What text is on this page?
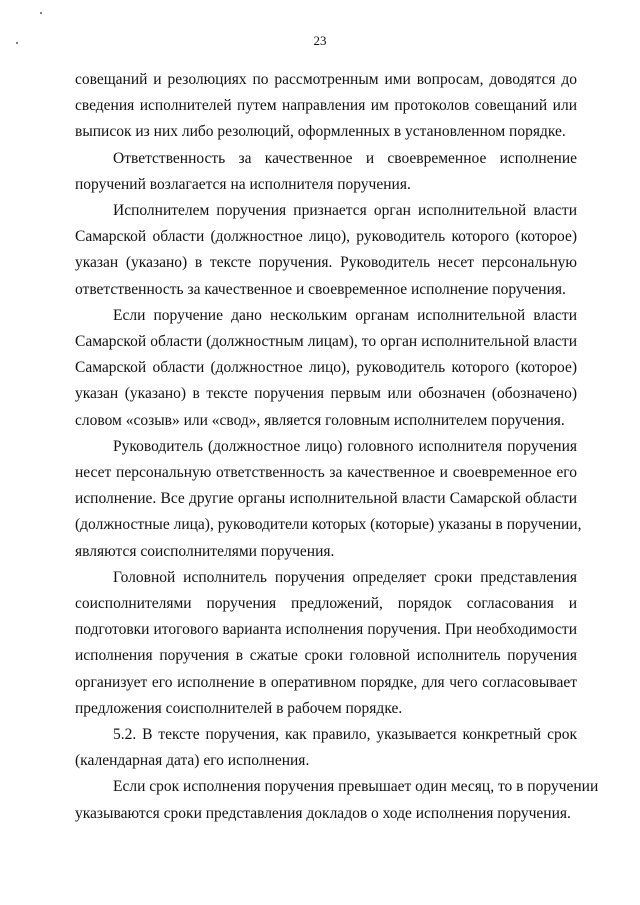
23

совещаний и резолюциях по рассмотренным ими вопросам, доводятся до
сведения исполнителей путем направления им протоколов совещаний или
выписок из них либо резолюций, оформленных в установленном порядке.

Ответственность за качественное и своевременное исполнение
поручений возлагается на исполнителя поручения.

Исполнителем поручения признается орган исполнительной власти
Самарской области (должностное лицо), руководитель которого (которое)
указан (указано) в тексте поручения. Руководитель несет персональную
ответственность за качественное и своевременное исполнение поручения.

Если поручение дано нескольким органам исполнительной власти
Самарской области (должностным лицам), то орган исполнительной власти
Самарской области (должностное лицо), руководитель которого (которое)
указан (указано) в тексте поручения первым или обозначен (обозначено)
словом «созыв» или «свод», является головным исполнителем поручения.

Руководитель (должностное лицо) головного исполнителя поручения
несет персональную ответственность за качественное и своевременное его
исполнение. Все другие органы исполнительной власти Самарской области
(должностные лица), руководители которых (которые) указаны в поручении,
являются соисполнителями поручения.

Головной исполнитель поручения определяет сроки представления
соисполнителями поручения предложений, порядок согласования и
подготовки итогового варианта исполнения поручения. При необходимости
исполнения поручения в сжатые сроки головной исполнитель поручения
организует его исполнение в оперативном порядке, для чего согласовывает
предложения соисполнителей в рабочем порядке.

5.2. В тексте поручения, как правило, указывается конкретный срок
(календарная дата) его исполнения.

Если срок исполнения поручения превышает один месяц, то в поручении
указываются сроки представления докладов о ходе исполнения поручения.
